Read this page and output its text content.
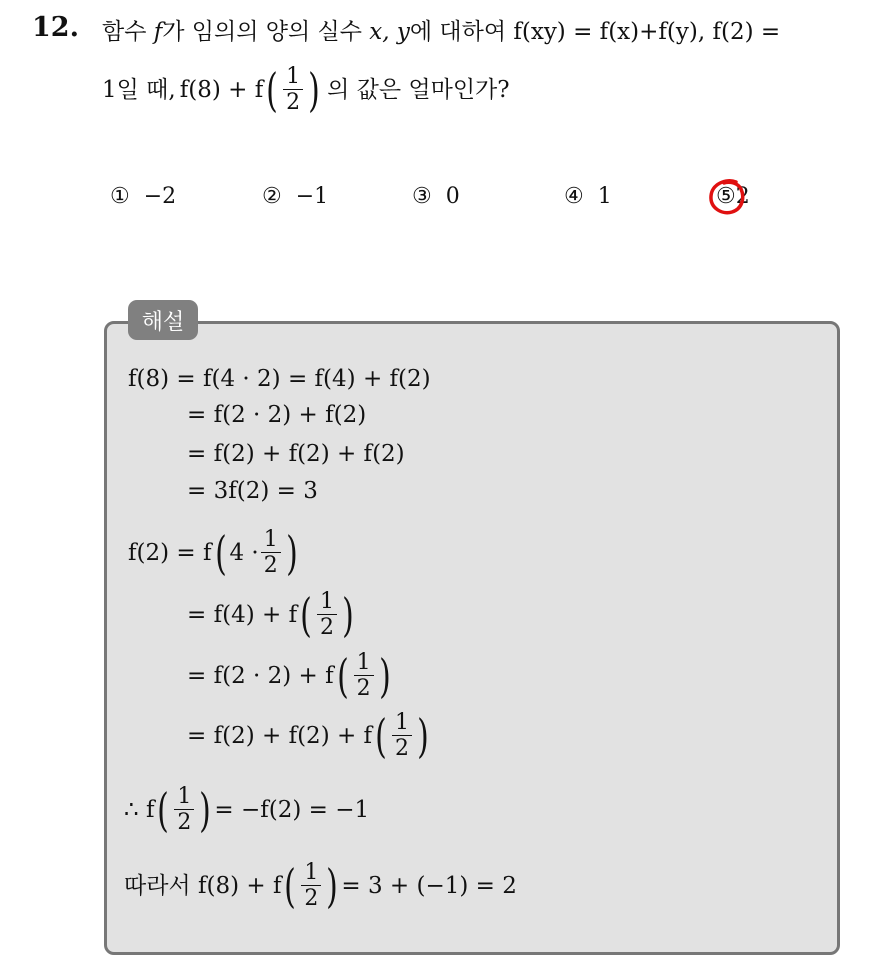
12. 함수 f가 임의의 양의 실수 x, y에 대하여 f(xy) = f(x)+f(y), f(2) =
1일 때, f(8) + f ( $\frac{1}{2}$ ) 의 값은 얼마인가?
① −2	② −1	③ 0	④ 1	⑤2
해설
f(8) = f(4 · 2) = f(4) + f(2)
= f(2 · 2) + f(2)
= f(2) + f(2) + f(2)
= 3f(2) = 3
f(2) = f ( $4 \cdot \frac{1}{2}$ )
= f(4) + f ( $\frac{1}{2}$ )
= f(2 · 2) + f ( $\frac{1}{2}$ )
= f(2) + f(2) + f ( $\frac{1}{2}$ )
∴ f ( $\frac{1}{2}$ ) = −f(2) = −1
따라서 f(8) + f ( $\frac{1}{2}$ ) = 3 + (−1) = 2
